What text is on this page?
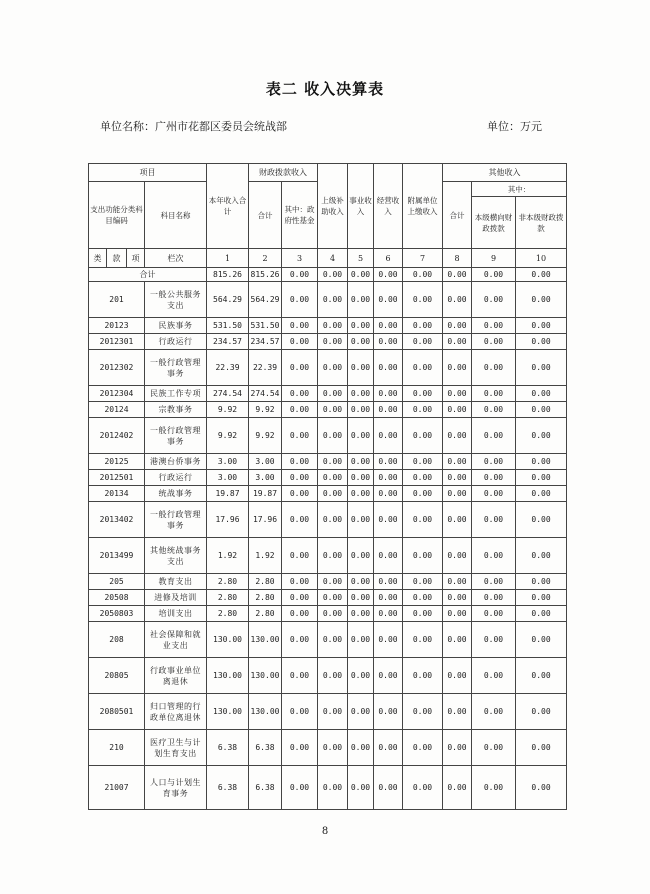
表二 收入决算表
单位名称：广州市花都区委员会统战部	单位：万元
项目				本年收入合计	财政拨款收入		上级补助收入	事业收入	经营收入	附属单位上缴收入	其他收入		
支出功能分类科目编码			科目名称		合计	其中：政府性基金					合计	其中：	
												本级横向财政拨款	非本级财政拨款

类	款	项	栏次	1	2	3	4	5	6	7	8	9	10
合计				815.26	815.26	0.00	0.00	0.00	0.00	0.00	0.00	0.00	0.00
201			一般公共服务支出	564.29	564.29	0.00	0.00	0.00	0.00	0.00	0.00	0.00	0.00
20123			民族事务	531.50	531.50	0.00	0.00	0.00	0.00	0.00	0.00	0.00	0.00
2012301			行政运行	234.57	234.57	0.00	0.00	0.00	0.00	0.00	0.00	0.00	0.00
2012302			一般行政管理事务	22.39	22.39	0.00	0.00	0.00	0.00	0.00	0.00	0.00	0.00
2012304			民族工作专项	274.54	274.54	0.00	0.00	0.00	0.00	0.00	0.00	0.00	0.00
20124			宗教事务	9.92	9.92	0.00	0.00	0.00	0.00	0.00	0.00	0.00	0.00
2012402			一般行政管理事务	9.92	9.92	0.00	0.00	0.00	0.00	0.00	0.00	0.00	0.00
20125			港澳台侨事务	3.00	3.00	0.00	0.00	0.00	0.00	0.00	0.00	0.00	0.00
2012501			行政运行	3.00	3.00	0.00	0.00	0.00	0.00	0.00	0.00	0.00	0.00
20134			统战事务	19.87	19.87	0.00	0.00	0.00	0.00	0.00	0.00	0.00	0.00
2013402			一般行政管理事务	17.96	17.96	0.00	0.00	0.00	0.00	0.00	0.00	0.00	0.00
2013499			其他统战事务支出	1.92	1.92	0.00	0.00	0.00	0.00	0.00	0.00	0.00	0.00
205			教育支出	2.80	2.80	0.00	0.00	0.00	0.00	0.00	0.00	0.00	0.00
20508			进修及培训	2.80	2.80	0.00	0.00	0.00	0.00	0.00	0.00	0.00	0.00
2050803			培训支出	2.80	2.80	0.00	0.00	0.00	0.00	0.00	0.00	0.00	0.00
208			社会保障和就业支出	130.00	130.00	0.00	0.00	0.00	0.00	0.00	0.00	0.00	0.00
20805			行政事业单位离退休	130.00	130.00	0.00	0.00	0.00	0.00	0.00	0.00	0.00	0.00
2080501			归口管理的行政单位离退休	130.00	130.00	0.00	0.00	0.00	0.00	0.00	0.00	0.00	0.00
210			医疗卫生与计划生育支出	6.38	6.38	0.00	0.00	0.00	0.00	0.00	0.00	0.00	0.00
21007			人口与计划生育事务	6.38	6.38	0.00	0.00	0.00	0.00	0.00	0.00	0.00	0.00
8
